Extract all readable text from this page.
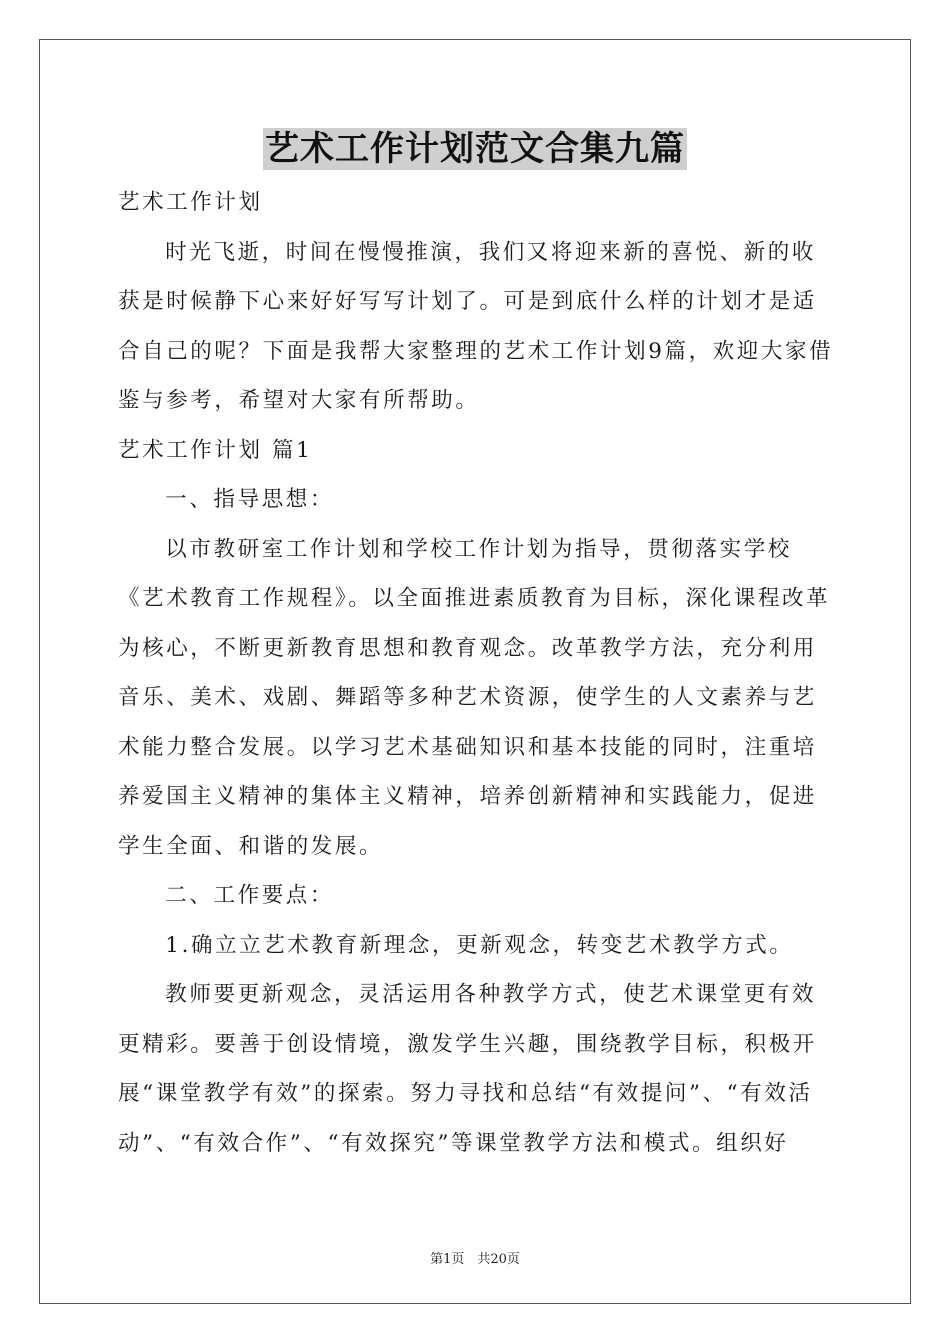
艺术工作计划范文合集九篇

艺术工作计划

时光飞逝，时间在慢慢推演，我们又将迎来新的喜悦、新的收获是时候静下心来好好写写计划了。可是到底什么样的计划才是适合自己的呢？下面是我帮大家整理的艺术工作计划9篇，欢迎大家借鉴与参考，希望对大家有所帮助。

艺术工作计划 篇1

一、指导思想：

以市教研室工作计划和学校工作计划为指导，贯彻落实学校《艺术教育工作规程》。以全面推进素质教育为目标，深化课程改革为核心，不断更新教育思想和教育观念。改革教学方法，充分利用音乐、美术、戏剧、舞蹈等多种艺术资源，使学生的人文素养与艺术能力整合发展。以学习艺术基础知识和基本技能的同时，注重培养爱国主义精神的集体主义精神，培养创新精神和实践能力，促进学生全面、和谐的发展。

二、工作要点：

1.确立立艺术教育新理念，更新观念，转变艺术教学方式。

教师要更新观念，灵活运用各种教学方式，使艺术课堂更有效更精彩。要善于创设情境，激发学生兴趣，围绕教学目标，积极开展“课堂教学有效”的探索。努力寻找和总结“有效提问”、“有效活动”、“有效合作”、“有效探究”等课堂教学方法和模式。组织好

第1页　共20页
